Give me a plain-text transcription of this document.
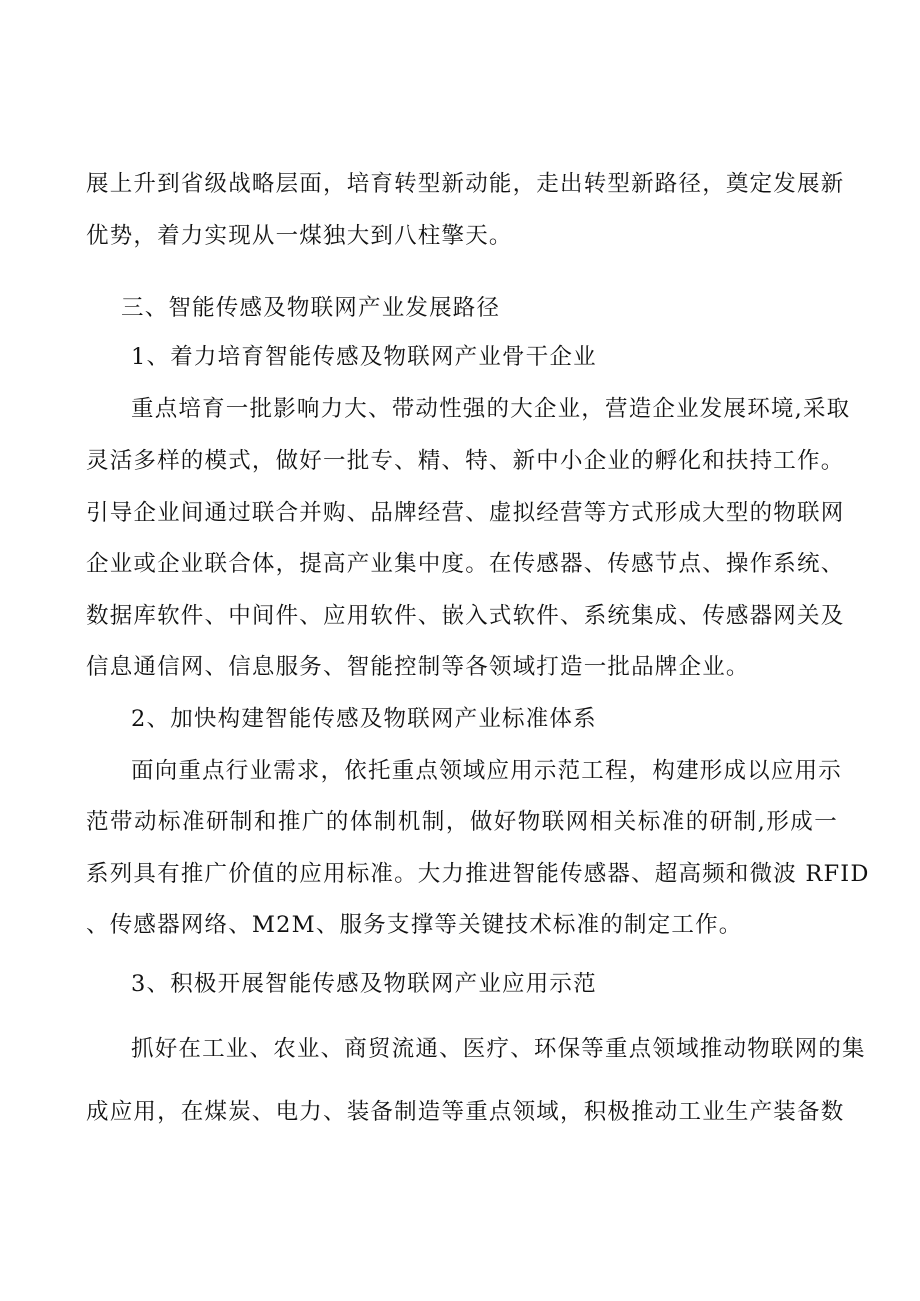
展上升到省级战略层面，培育转型新动能，走出转型新路径，奠定发展新
优势，着力实现从一煤独大到八柱擎天。
三、智能传感及物联网产业发展路径
1、着力培育智能传感及物联网产业骨干企业
重点培育一批影响力大、带动性强的大企业，营造企业发展环境,采取
灵活多样的模式，做好一批专、精、特、新中小企业的孵化和扶持工作。
引导企业间通过联合并购、品牌经营、虚拟经营等方式形成大型的物联网
企业或企业联合体，提高产业集中度。在传感器、传感节点、操作系统、
数据库软件、中间件、应用软件、嵌入式软件、系统集成、传感器网关及
信息通信网、信息服务、智能控制等各领域打造一批品牌企业。
2、加快构建智能传感及物联网产业标准体系
面向重点行业需求，依托重点领域应用示范工程，构建形成以应用示
范带动标准研制和推广的体制机制，做好物联网相关标准的研制,形成一
系列具有推广价值的应用标准。大力推进智能传感器、超高频和微波 RFID
、传感器网络、M2M、服务支撑等关键技术标准的制定工作。
3、积极开展智能传感及物联网产业应用示范
抓好在工业、农业、商贸流通、医疗、环保等重点领域推动物联网的集
成应用，在煤炭、电力、装备制造等重点领域，积极推动工业生产装备数
